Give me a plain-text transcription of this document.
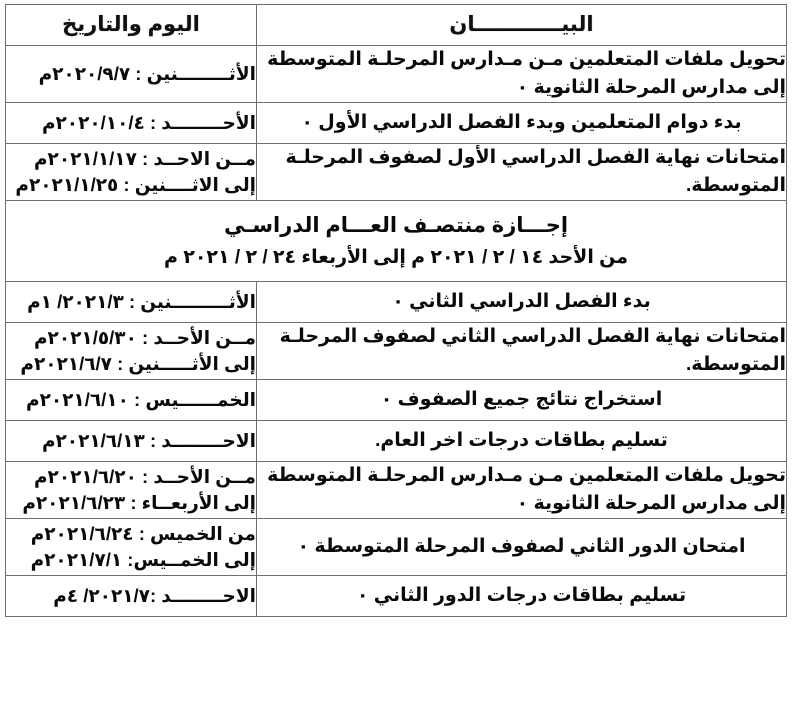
البيــــــــــــان	اليوم والتاريخ

تحويل ملفات المتعلمين مـن مـدارس المرحلـة المتوسطة
إلى مدارس المرحلة الثانوية ٠	الأثــــــــنين : ٢٠٢٠/٩/٧م

بدء دوام المتعلمين وبدء الفصل الدراسي الأول ٠	الأحــــــــد : ٢٠٢٠/١٠/٤م

امتحانات نهاية الفصل الدراسي الأول لصفوف المرحلـة
المتوسطة.	مــن الاحــد : ٢٠٢١/١/١٧م
إلى الاثــــنين : ٢٠٢١/١/٢٥م

إجـــازة منتصـف العـــام الدراسـي
من الأحد ١٤ / ٢ / ٢٠٢١ م إلى الأربعاء ٢٤ / ٢ / ٢٠٢١ م	

بدء الفصل الدراسي الثاني ٠	الأثـــــــــنين : ٢٠٢١/٣/ ١م

امتحانات نهاية الفصل الدراسي الثاني لصفوف المرحلـة
المتوسطة.	مــن الأحــد : ٢٠٢١/٥/٣٠م
إلى الأثـــــنين : ٢٠٢١/٦/٧م

استخراج نتائج جميع الصفوف ٠	الخمــــــيس : ٢٠٢١/٦/١٠م

تسليم بطاقات درجات اخر العام.	الاحــــــــد : ٢٠٢١/٦/١٣م

تحويل ملفات المتعلمين مـن مـدارس المرحلـة المتوسطة
إلى مدارس المرحلة الثانوية ٠	مــن الأحــد : ٢٠٢١/٦/٢٠م
إلى الأربعــاء : ٢٠٢١/٦/٢٣م

امتحان الدور الثاني لصفوف المرحلة المتوسطة ٠	من الخميس : ٢٠٢١/٦/٢٤م
إلى الخمــيس: ٢٠٢١/٧/١م

تسليم بطاقات درجات الدور الثاني ٠	الاحــــــــد :٢٠٢١/٧/ ٤م
